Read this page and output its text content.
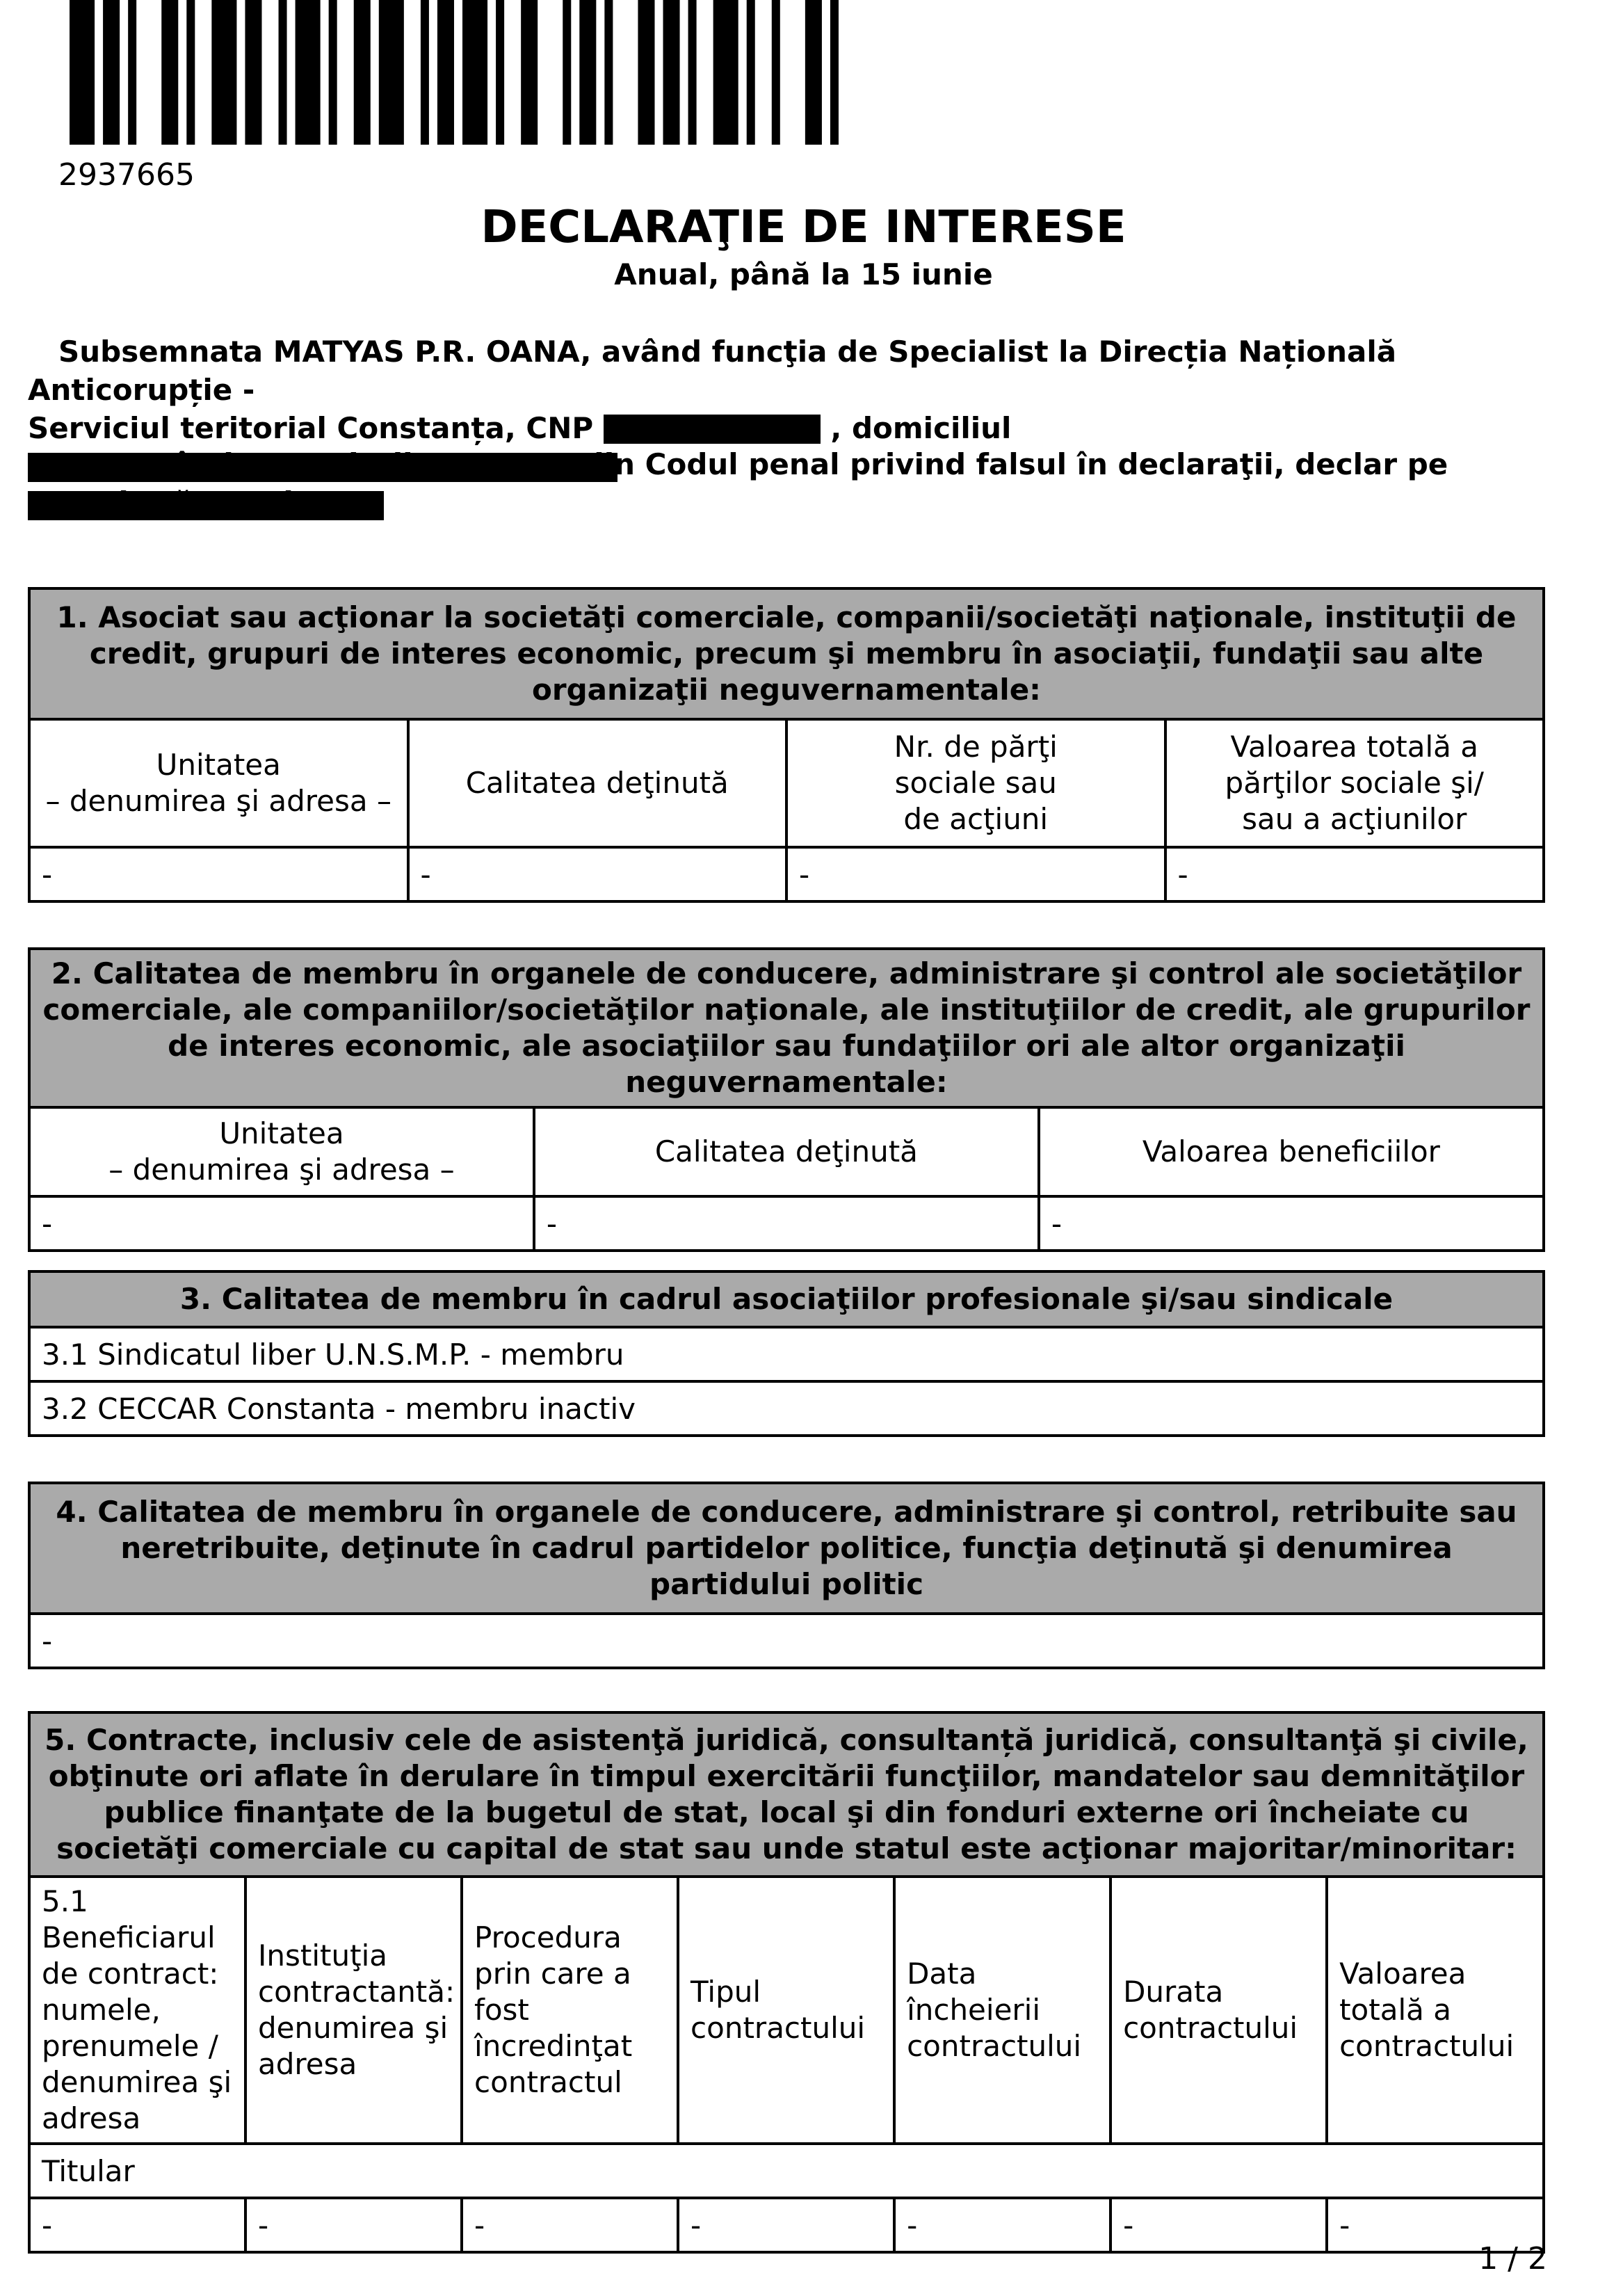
2937665
DECLARAŢIE DE INTERESE
Anual, până la 15 iunie

Subsemnata MATYAS P.R. OANA, având funcţia de Specialist la Direcția Națională Anticorupție -
Serviciul teritorial Constanța, CNP	, domiciliul

cunoscând prevederile art. 292 din Codul penal privind falsul în declaraţii, declar pe propria răspundere:

1. Asociat sau acţionar la societăţi comerciale, companii/societăţi naţionale, instituţii de credit, grupuri de interes economic, precum şi membru în asociaţii, fundaţii sau alte organizaţii neguvernamentale:			
Unitatea
– denumirea şi adresa –	Calitatea deţinută	Nr. de părţi
sociale sau
de acţiuni	Valoarea totală a
părţilor sociale şi/
sau a acţiunilor
-	-	-	-
2. Calitatea de membru în organele de conducere, administrare şi control ale societăţilor comerciale, ale companiilor/societăţilor naţionale, ale instituţiilor de credit, ale grupurilor de interes economic, ale asociaţiilor sau fundaţiilor ori ale altor organizaţii neguvernamentale:		
Unitatea
– denumirea şi adresa –	Calitatea deţinută	Valoarea beneficiilor
-	-	-
3. Calitatea de membru în cadrul asociaţiilor profesionale şi/sau sindicale
3.1 Sindicatul liber U.N.S.M.P. - membru
3.2 CECCAR Constanta - membru inactiv
4. Calitatea de membru în organele de conducere, administrare şi control, retribuite sau neretribuite, deţinute în cadrul partidelor politice, funcţia deţinută şi denumirea partidului politic
-
5. Contracte, inclusiv cele de asistenţă juridică, consultanță juridică, consultanţă şi civile, obţinute ori aflate în derulare în timpul exercitării funcţiilor, mandatelor sau demnităţilor publice finanţate de la bugetul de stat, local şi din fonduri externe ori încheiate cu societăţi comerciale cu capital de stat sau unde statul este acţionar majoritar/minoritar:						
5.1 Beneficiarul de contract: numele, prenumele / denumirea şi adresa	Instituţia contractantă: denumirea şi adresa	Procedura prin care a fost încredinţat contractul	Tipul contractului	Data încheierii contractului	Durata contractului	Valoarea totală a contractului
Titular						
-	-	-	-	-	-	-
1 / 2
